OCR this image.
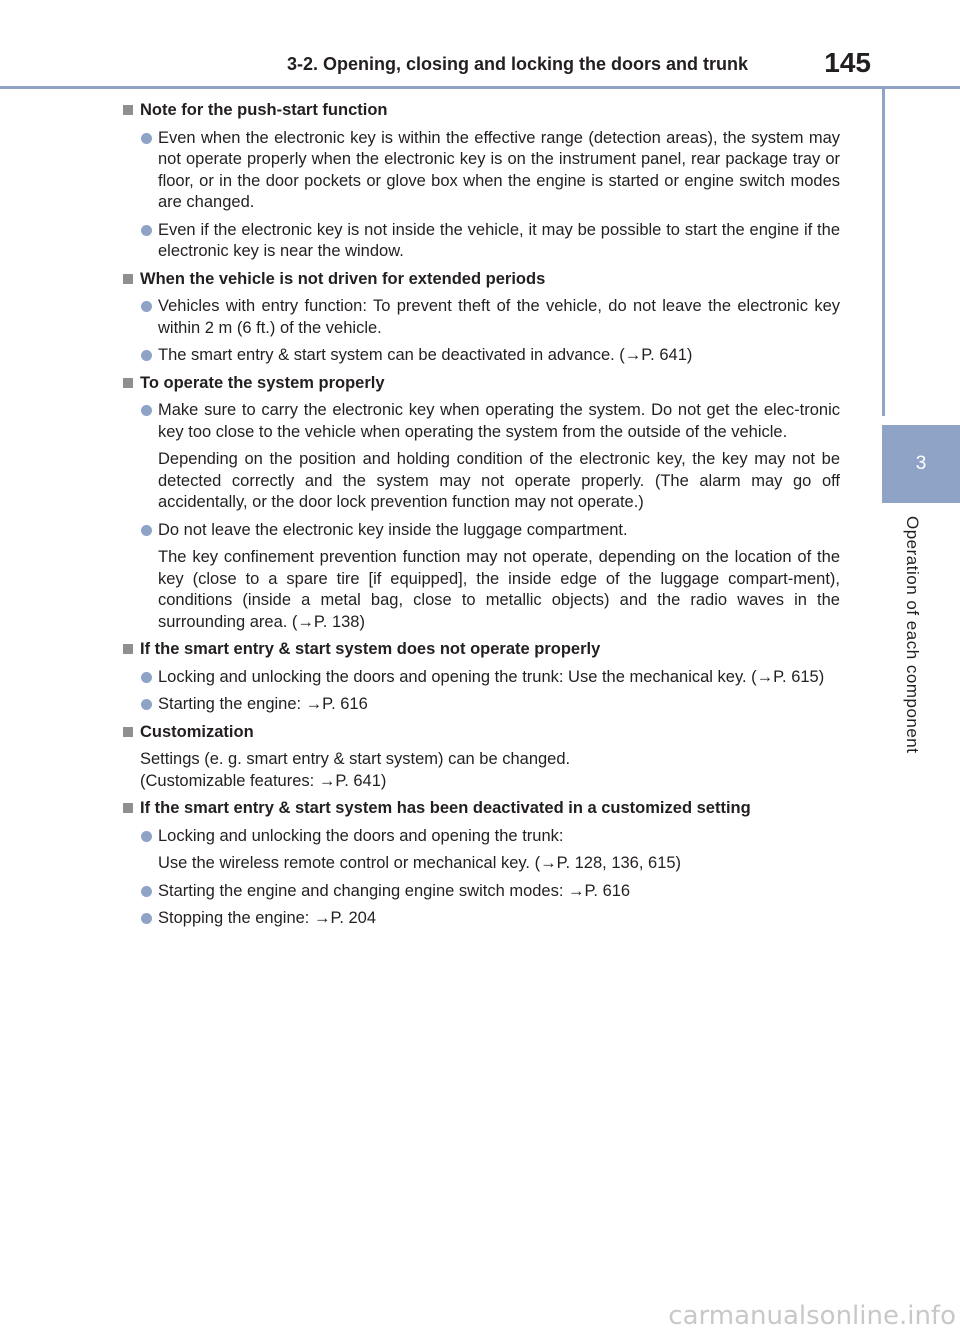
3-2. Opening, closing and locking the doors and trunk	145
3
Operation of each component
Note for the push-start function
Even when the electronic key is within the effective range (detection areas), the system may not operate properly when the electronic key is on the instrument panel, rear package tray or floor, or in the door pockets or glove box when the engine is started or engine switch modes are changed.
Even if the electronic key is not inside the vehicle, it may be possible to start the engine if the electronic key is near the window.
When the vehicle is not driven for extended periods
Vehicles with entry function: To prevent theft of the vehicle, do not leave the electronic key within 2 m (6 ft.) of the vehicle.
The smart entry & start system can be deactivated in advance. (→P. 641)
To operate the system properly
Make sure to carry the electronic key when operating the system. Do not get the elec-tronic key too close to the vehicle when operating the system from the outside of the vehicle.
Depending on the position and holding condition of the electronic key, the key may not be detected correctly and the system may not operate properly. (The alarm may go off accidentally, or the door lock prevention function may not operate.)
Do not leave the electronic key inside the luggage compartment.
The key confinement prevention function may not operate, depending on the location of the key (close to a spare tire [if equipped], the inside edge of the luggage compart-ment), conditions (inside a metal bag, close to metallic objects) and the radio waves in the surrounding area. (→P. 138)
If the smart entry & start system does not operate properly
Locking and unlocking the doors and opening the trunk: Use the mechanical key. (→P. 615)
Starting the engine: →P. 616
Customization
Settings (e. g. smart entry & start system) can be changed.
(Customizable features: →P. 641)
If the smart entry & start system has been deactivated in a customized setting
Locking and unlocking the doors and opening the trunk:
Use the wireless remote control or mechanical key. (→P. 128, 136, 615)
Starting the engine and changing engine switch modes: →P. 616
Stopping the engine: →P. 204
carmanualsonline.info
